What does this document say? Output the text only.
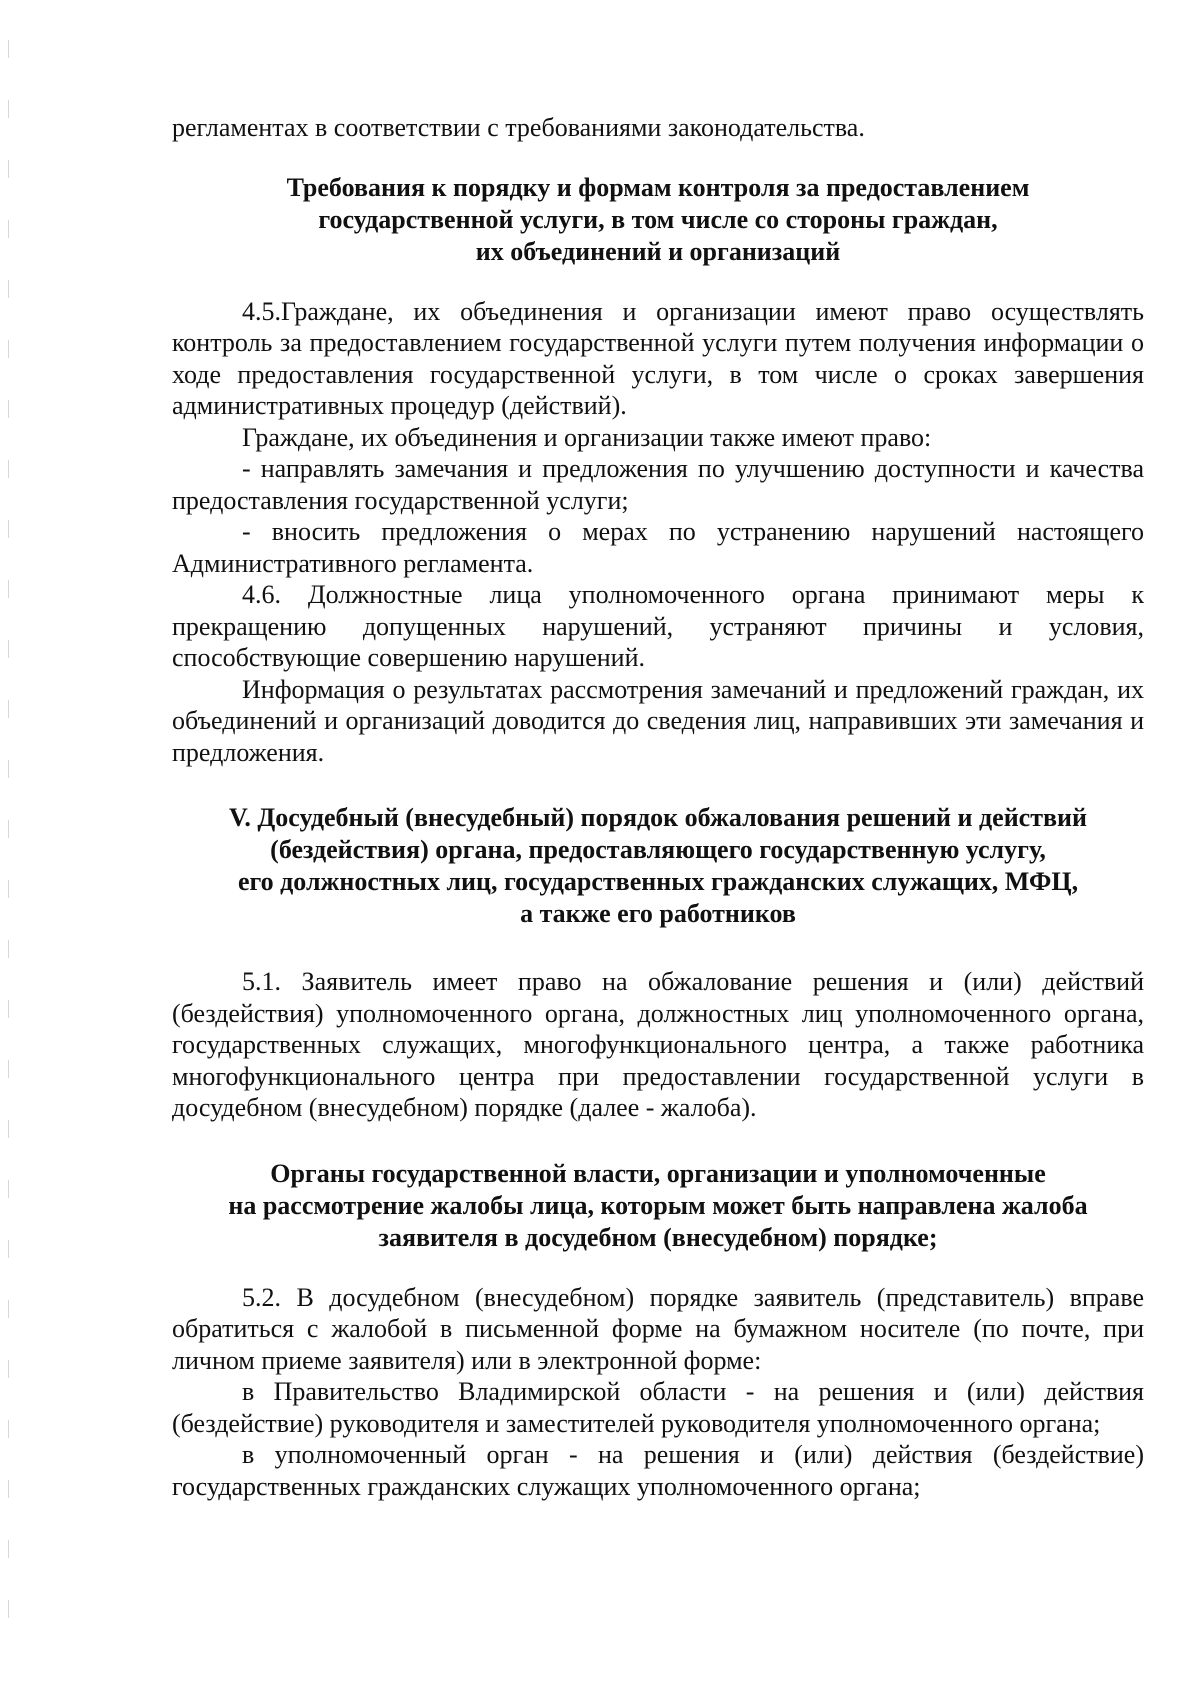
регламентах в соответствии с требованиями законодательства.

Требования к порядку и формам контроля за предоставлением
государственной услуги, в том числе со стороны граждан,
их объединений и организаций

4.5.Граждане, их объединения и организации имеют право осуществлять контроль за предоставлением государственной услуги путем получения информации о ходе предоставления государственной услуги, в том числе о сроках завершения административных процедур (действий).

Граждане, их объединения и организации также имеют право:

- направлять замечания и предложения по улучшению доступности и качества предоставления государственной услуги;

- вносить предложения о мерах по устранению нарушений настоящего Административного регламента.

4.6. Должностные лица уполномоченного органа принимают меры к прекращению допущенных нарушений, устраняют причины и условия, способствующие совершению нарушений.

Информация о результатах рассмотрения замечаний и предложений граждан, их объединений и организаций доводится до сведения лиц, направивших эти замечания и предложения.

V. Досудебный (внесудебный) порядок обжалования решений и действий
(бездействия) органа, предоставляющего государственную услугу,
его должностных лиц, государственных гражданских служащих, МФЦ,
а также его работников

5.1. Заявитель имеет право на обжалование решения и (или) действий (бездействия) уполномоченного органа, должностных лиц уполномоченного органа, государственных служащих, многофункционального центра, а также работника многофункционального центра при предоставлении государственной услуги в досудебном (внесудебном) порядке (далее - жалоба).

Органы государственной власти, организации и уполномоченные
на рассмотрение жалобы лица, которым может быть направлена жалоба
заявителя в досудебном (внесудебном) порядке;

5.2. В досудебном (внесудебном) порядке заявитель (представитель) вправе обратиться с жалобой в письменной форме на бумажном носителе (по почте, при личном приеме заявителя) или в электронной форме:

в Правительство Владимирской области - на решения и (или) действия (бездействие) руководителя и заместителей руководителя уполномоченного органа;

в уполномоченный орган - на решения и (или) действия (бездействие) государственных гражданских служащих уполномоченного органа;
